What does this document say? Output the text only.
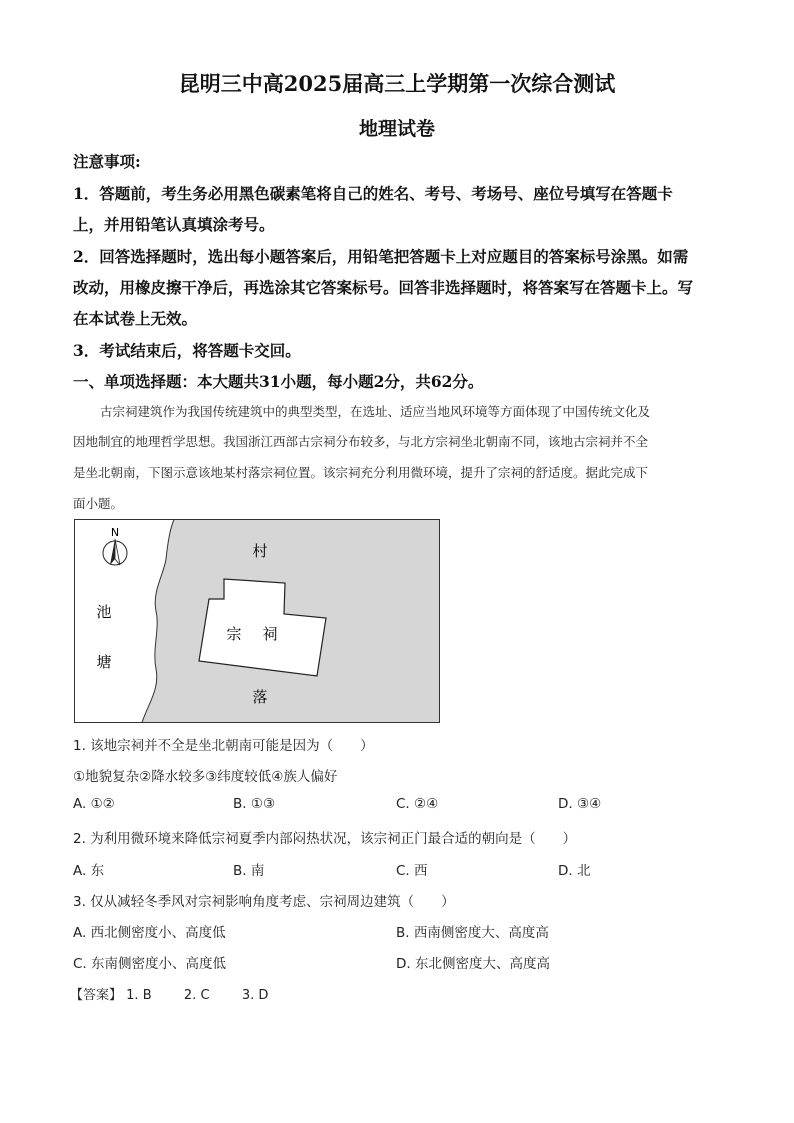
昆明三中高2025届高三上学期第一次综合测试
地理试卷
注意事项:
1．答题前，考生务必用黑色碳素笔将自己的姓名、考号、考场号、座位号填写在答题卡
上，并用铅笔认真填涂考号。
2．回答选择题时，选出每小题答案后，用铅笔把答题卡上对应题目的答案标号涂黑。如需
改动，用橡皮擦干净后，再选涂其它答案标号。回答非选择题时，将答案写在答题卡上。写
在本试卷上无效。
3．考试结束后，将答题卡交回。
一、单项选择题：本大题共31小题，每小题2分，共62分。
古宗祠建筑作为我国传统建筑中的典型类型，在选址、适应当地风环境等方面体现了中国传统文化及
因地制宜的地理哲学思想。我国浙江西部古宗祠分布较多，与北方宗祠坐北朝南不同，该地古宗祠并不全
是坐北朝南，下图示意该地某村落宗祠位置。该宗祠充分利用微环境，提升了宗祠的舒适度。据此完成下
面小题。
N
池
塘
村
落
宗 祠
1. 该地宗祠并不全是坐北朝南可能是因为（　　）
①地貌复杂②降水较多③纬度较低④族人偏好
A. ①②	B. ①③	C. ②④	D. ③④
2. 为利用微环境来降低宗祠夏季内部闷热状况，该宗祠正门最合适的朝向是（　　）
A. 东	B. 南	C. 西	D. 北
3. 仅从减轻冬季风对宗祠影响角度考虑、宗祠周边建筑（　　）
A. 西北侧密度小、高度低	B. 西南侧密度大、高度高
C. 东南侧密度小、高度低	D. 东北侧密度大、高度高
【答案】 1. B 2. C 3. D
